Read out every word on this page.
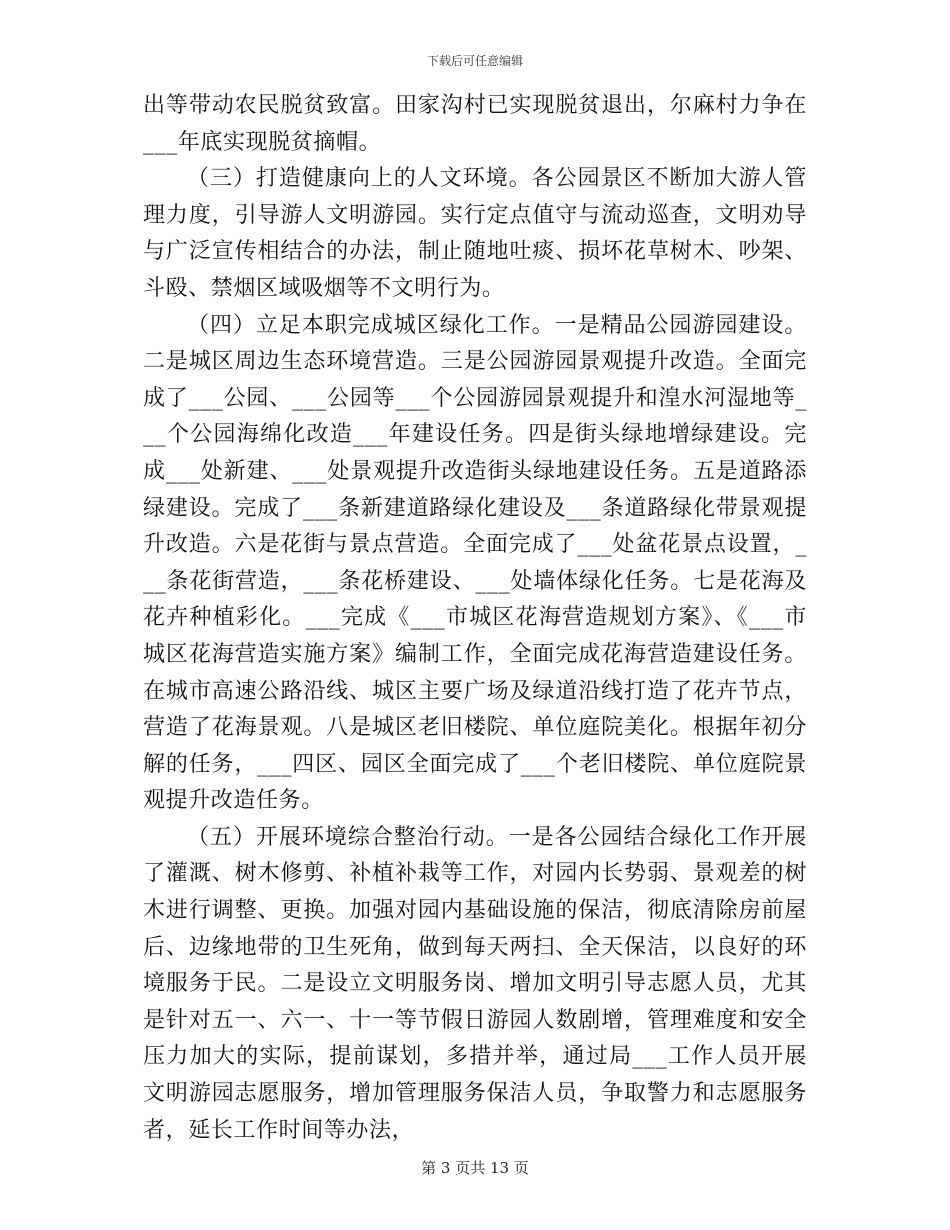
下载后可任意编辑

出等带动农民脱贫致富。田家沟村已实现脱贫退出，尔麻村力争在___年底实现脱贫摘帽。

（三）打造健康向上的人文环境。各公园景区不断加大游人管理力度，引导游人文明游园。实行定点值守与流动巡查，文明劝导与广泛宣传相结合的办法，制止随地吐痰、损坏花草树木、吵架、斗殴、禁烟区域吸烟等不文明行为。

（四）立足本职完成城区绿化工作。一是精品公园游园建设。二是城区周边生态环境营造。三是公园游园景观提升改造。全面完成了___公园、___公园等___个公园游园景观提升和湟水河湿地等___个公园海绵化改造___年建设任务。四是街头绿地增绿建设。完成___处新建、___处景观提升改造街头绿地建设任务。五是道路添绿建设。完成了___条新建道路绿化建设及___条道路绿化带景观提升改造。六是花街与景点营造。全面完成了___处盆花景点设置，___条花街营造，___条花桥建设、___处墙体绿化任务。七是花海及花卉种植彩化。___完成《___市城区花海营造规划方案》、《___市城区花海营造实施方案》编制工作，全面完成花海营造建设任务。在城市高速公路沿线、城区主要广场及绿道沿线打造了花卉节点，营造了花海景观。八是城区老旧楼院、单位庭院美化。根据年初分解的任务，___四区、园区全面完成了___个老旧楼院、单位庭院景观提升改造任务。

（五）开展环境综合整治行动。一是各公园结合绿化工作开展了灌溉、树木修剪、补植补栽等工作，对园内长势弱、景观差的树木进行调整、更换。加强对园内基础设施的保洁，彻底清除房前屋后、边缘地带的卫生死角，做到每天两扫、全天保洁，以良好的环境服务于民。二是设立文明服务岗、增加文明引导志愿人员，尤其是针对五一、六一、十一等节假日游园人数剧增，管理难度和安全压力加大的实际，提前谋划，多措并举，通过局___工作人员开展文明游园志愿服务，增加管理服务保洁人员，争取警力和志愿服务者，延长工作时间等办法，

第 3 页共 13 页
